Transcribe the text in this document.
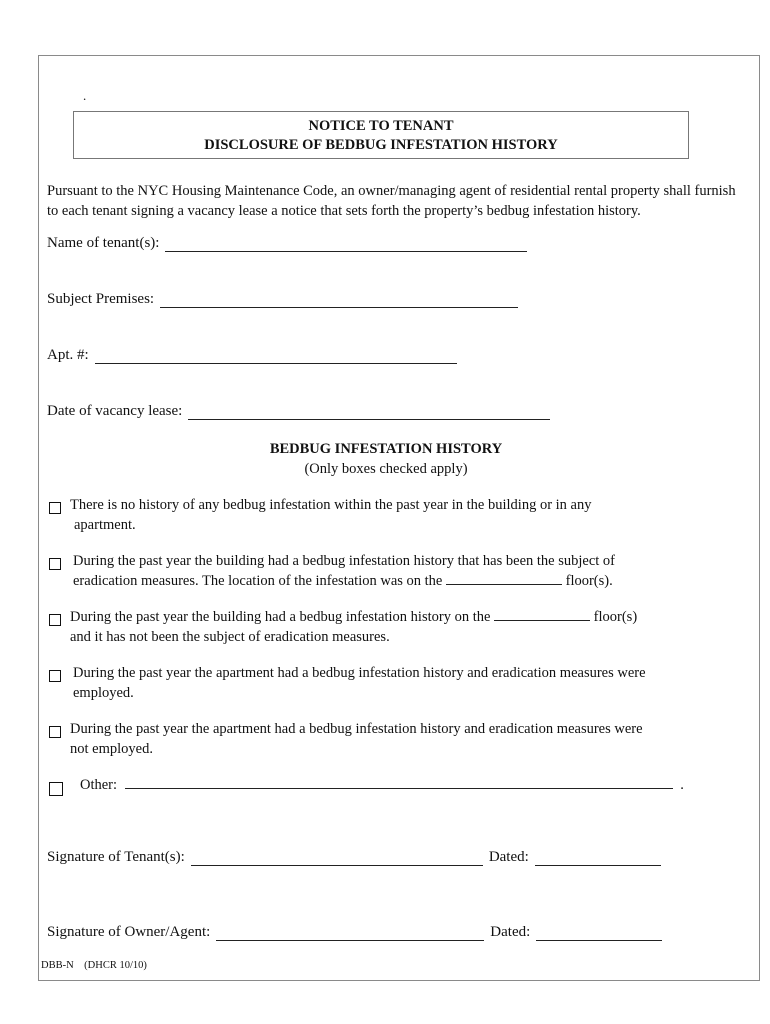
.
NOTICE TO TENANT
DISCLOSURE OF BEDBUG INFESTATION HISTORY
Pursuant to the NYC Housing Maintenance Code, an owner/managing agent of residential rental property shall furnish to each tenant signing a vacancy lease a notice that sets forth the property’s bedbug infestation history.
Name of tenant(s):
Subject Premises:
Apt. #:
Date of vacancy lease:
BEDBUG INFESTATION HISTORY
(Only boxes checked apply)
There is no history of any bedbug infestation within the past year in the building or in any
apartment.
During the past year the building had a bedbug infestation history that has been the subject of
eradication measures. The location of the infestation was on the	floor(s).
During the past year the building had a bedbug infestation history on the	floor(s)
and it has not been the subject of eradication measures.
During the past year the apartment had a bedbug infestation history and eradication measures were
employed.
During the past year the apartment had a bedbug infestation history and eradication measures were
not employed.
Other:	.
Signature of Tenant(s):	Dated:
Signature of Owner/Agent:	Dated:
DBB-N    (DHCR 10/10)
